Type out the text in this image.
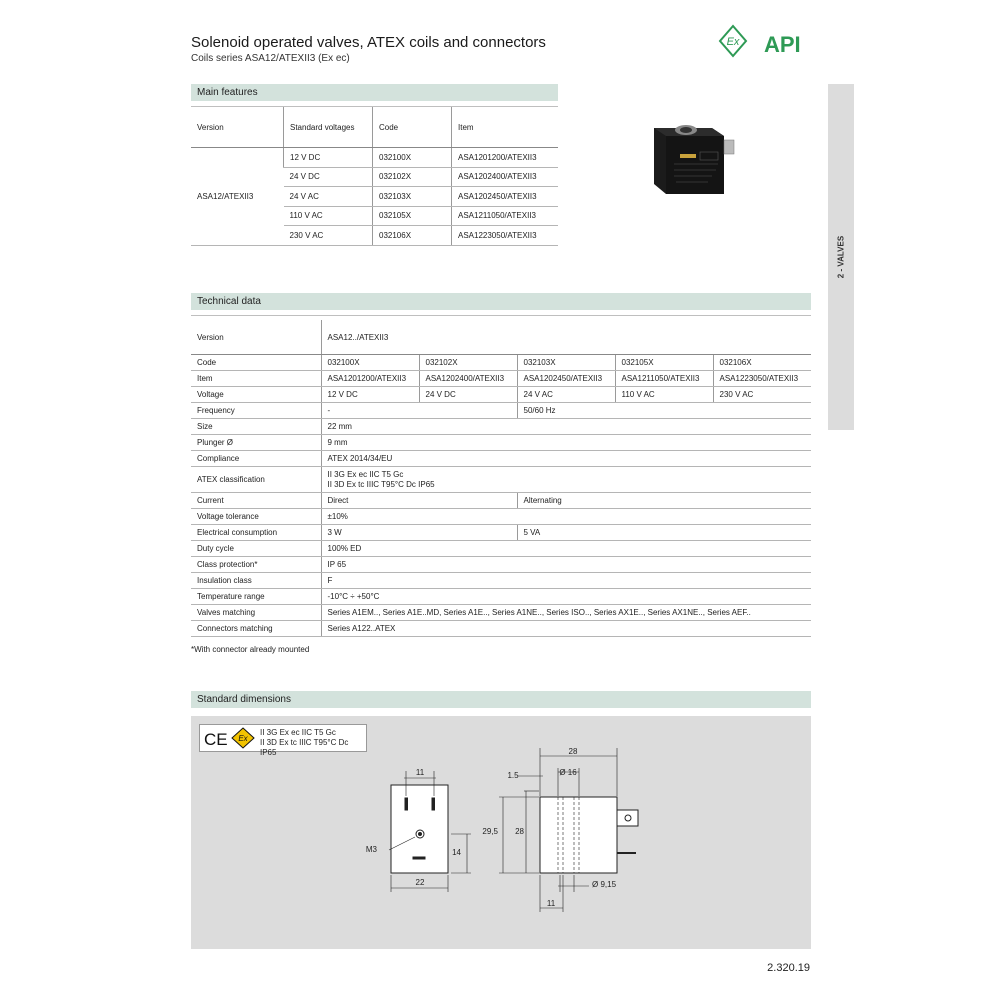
Solenoid operated valves, ATEX coils and connectors
Coils series ASA12/ATEXII3 (Ex ec)
Ex API
2 - VALVES
Main features
Version	Standard voltages	Code	Item
ASA12/ATEXII3	12 V DC	032100X	ASA1201200/ATEXII3
	24 V DC	032102X	ASA1202400/ATEXII3
	24 V AC	032103X	ASA1202450/ATEXII3
	110 V AC	032105X	ASA1211050/ATEXII3
	230 V AC	032106X	ASA1223050/ATEXII3
Technical data
Version	ASA12../ATEXII3				
Code	032100X	032102X	032103X	032105X	032106X
Item	ASA1201200/ATEXII3	ASA1202400/ATEXII3	ASA1202450/ATEXII3	ASA1211050/ATEXII3	ASA1223050/ATEXII3
Voltage	12 V DC	24 V DC	24 V AC	110 V AC	230 V AC
Frequency	-		50/60 Hz		
Size	22 mm				
Plunger Ø	9 mm				
Compliance	ATEX 2014/34/EU				
ATEX classification	II 3G Ex ec IIC T5 Gc
II 3D Ex tc IIIC T95°C Dc IP65				

Current	Direct		Alternating		
Voltage tolerance	±10%				
Electrical consumption	3 W		5 VA		
Duty cycle	100% ED				
Class protection*	IP 65				
Insulation class	F				
Temperature range	-10°C ÷ +50°C				
Valves matching	Series A1EM.., Series A1E..MD, Series A1E.., Series A1NE.., Series ISO.., Series AX1E.., Series AX1NE.., Series AEF..				
Connectors matching	Series A122..ATEX				
*With connector already mounted
Standard dimensions
CE Ex
II 3G Ex ec IIC T5 Gc
II 3D Ex tc IIIC T95°C Dc IP65
11
M3	14
22
28
Ø 16
1.5
29,5 28
Ø 9,15
11
2.320.19
